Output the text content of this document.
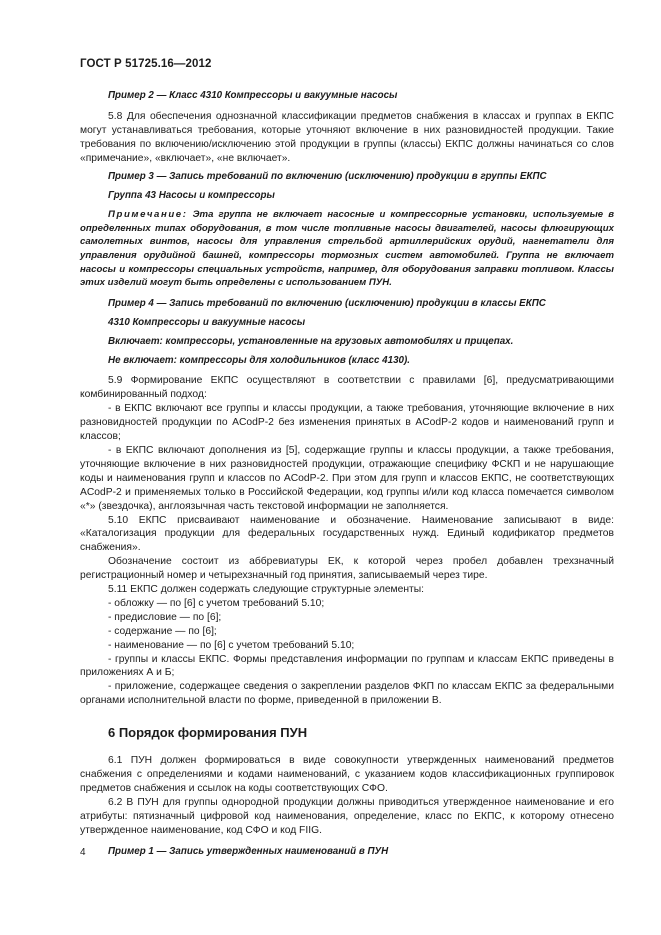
ГОСТ Р 51725.16—2012

Пример 2 — Класс 4310 Компрессоры и вакуумные насосы

5.8 Для обеспечения однозначной классификации предметов снабжения в классах и группах в ЕКПС могут устанавливаться требования, которые уточняют включение в них разновидностей продукции. Такие требования по включению/исключению этой продукции в группы (классы) ЕКПС должны начинаться со слов «примечание», «включает», «не включает».

Пример 3 — Запись требований по включению (исключению) продукции в группы ЕКПС

Группа 43 Насосы и компрессоры

Примечание: Эта группа не включает насосные и компрессорные установки, используемые в определенных типах оборудования, в том числе топливные насосы двигателей, насосы флюгирующих самолетных винтов, насосы для управления стрельбой артиллерийских орудий, нагнетатели для управления орудийной башней, компрессоры тормозных систем автомобилей. Группа не включает насосы и компрессоры специальных устройств, например, для оборудования заправки топливом. Классы этих изделий могут быть определены с использованием ПУН.

Пример 4 — Запись требований по включению (исключению) продукции в классы ЕКПС

4310 Компрессоры и вакуумные насосы

Включает: компрессоры, установленные на грузовых автомобилях и прицепах.

Не включает: компрессоры для холодильников (класс 4130).

5.9 Формирование ЕКПС осуществляют в соответствии с правилами [6], предусматривающими комбинированный подход:

- в ЕКПС включают все группы и классы продукции, а также требования, уточняющие включение в них разновидностей продукции по ACodP-2 без изменения принятых в ACodP-2 кодов и наименований групп и классов;

- в ЕКПС включают дополнения из [5], содержащие группы и классы продукции, а также требования, уточняющие включение в них разновидностей продукции, отражающие специфику ФСКП и не нарушающие коды и наименования групп и классов по ACodP-2. При этом для групп и классов ЕКПС, не соответствующих ACodP-2 и применяемых только в Российской Федерации, код группы и/или код класса помечается символом «*» (звездочка), англоязычная часть текстовой информации не заполняется.

5.10 ЕКПС присваивают наименование и обозначение. Наименование записывают в виде: «Каталогизация продукции для федеральных государственных нужд. Единый кодификатор предметов снабжения».

Обозначение состоит из аббревиатуры ЕК, к которой через пробел добавлен трехзначный регистрационный номер и четырехзначный год принятия, записываемый через тире.

5.11 ЕКПС должен содержать следующие структурные элементы:

- обложку — по [6] с учетом требований 5.10;

- предисловие — по [6];

- содержание — по [6];

- наименование — по [6] с учетом требований 5.10;

- группы и классы ЕКПС. Формы представления информации по группам и классам ЕКПС приведены в приложениях А и Б;

- приложение, содержащее сведения о закреплении разделов ФКП по классам ЕКПС за федеральными органами исполнительной власти по форме, приведенной в приложении В.

6 Порядок формирования ПУН

6.1 ПУН должен формироваться в виде совокупности утвержденных наименований предметов снабжения с определениями и кодами наименований, с указанием кодов классификационных группировок предметов снабжения и ссылок на коды соответствующих СФО.

6.2 В ПУН для группы однородной продукции должны приводиться утвержденное наименование и его атрибуты: пятизначный цифровой код наименования, определение, класс по ЕКПС, к которому отнесено утвержденное наименование, код СФО и код FIIG.

Пример 1 — Запись утвержденных наименований в ПУН

4
